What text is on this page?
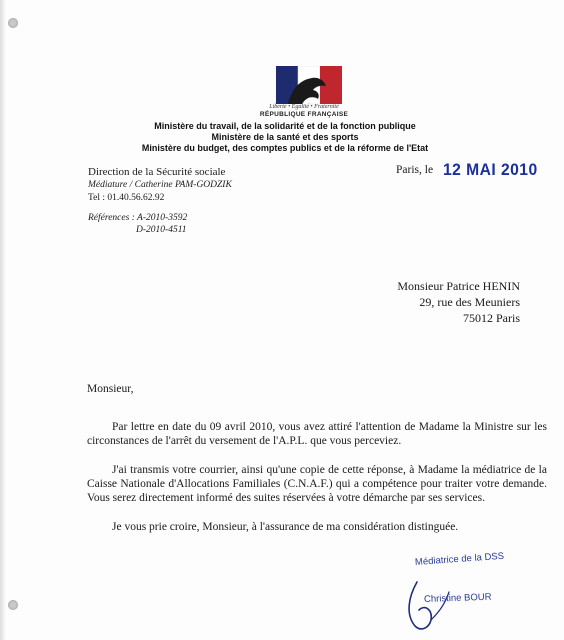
Liberté • Égalité • Fraternité
RÉPUBLIQUE FRANÇAISE
Ministère du travail, de la solidarité et de la fonction publique
Ministère de la santé et des sports
Ministère du budget, des comptes publics et de la réforme de l'Etat
Direction de la Sécurité sociale
Médiature / Catherine PAM-GODZIK
Tel : 01.40.56.62.92
Références : A-2010-3592
D-2010-4511
Paris, le 12 MAI 2010
Monsieur Patrice HENIN
29, rue des Meuniers
75012 Paris

Monsieur,

Par lettre en date du 09 avril 2010, vous avez attiré l'attention de Madame la Ministre sur les circonstances de l'arrêt du versement de l'A.P.L. que vous perceviez.

J'ai transmis votre courrier, ainsi qu'une copie de cette réponse, à Madame la médiatrice de la Caisse Nationale d'Allocations Familiales (C.N.A.F.) qui a compétence pour traiter votre demande. Vous serez directement informé des suites réservées à votre démarche par ses services.

Je vous prie croire, Monsieur, à l'assurance de ma considération distinguée.

Médiatrice de la DSS
Christine BOUR
